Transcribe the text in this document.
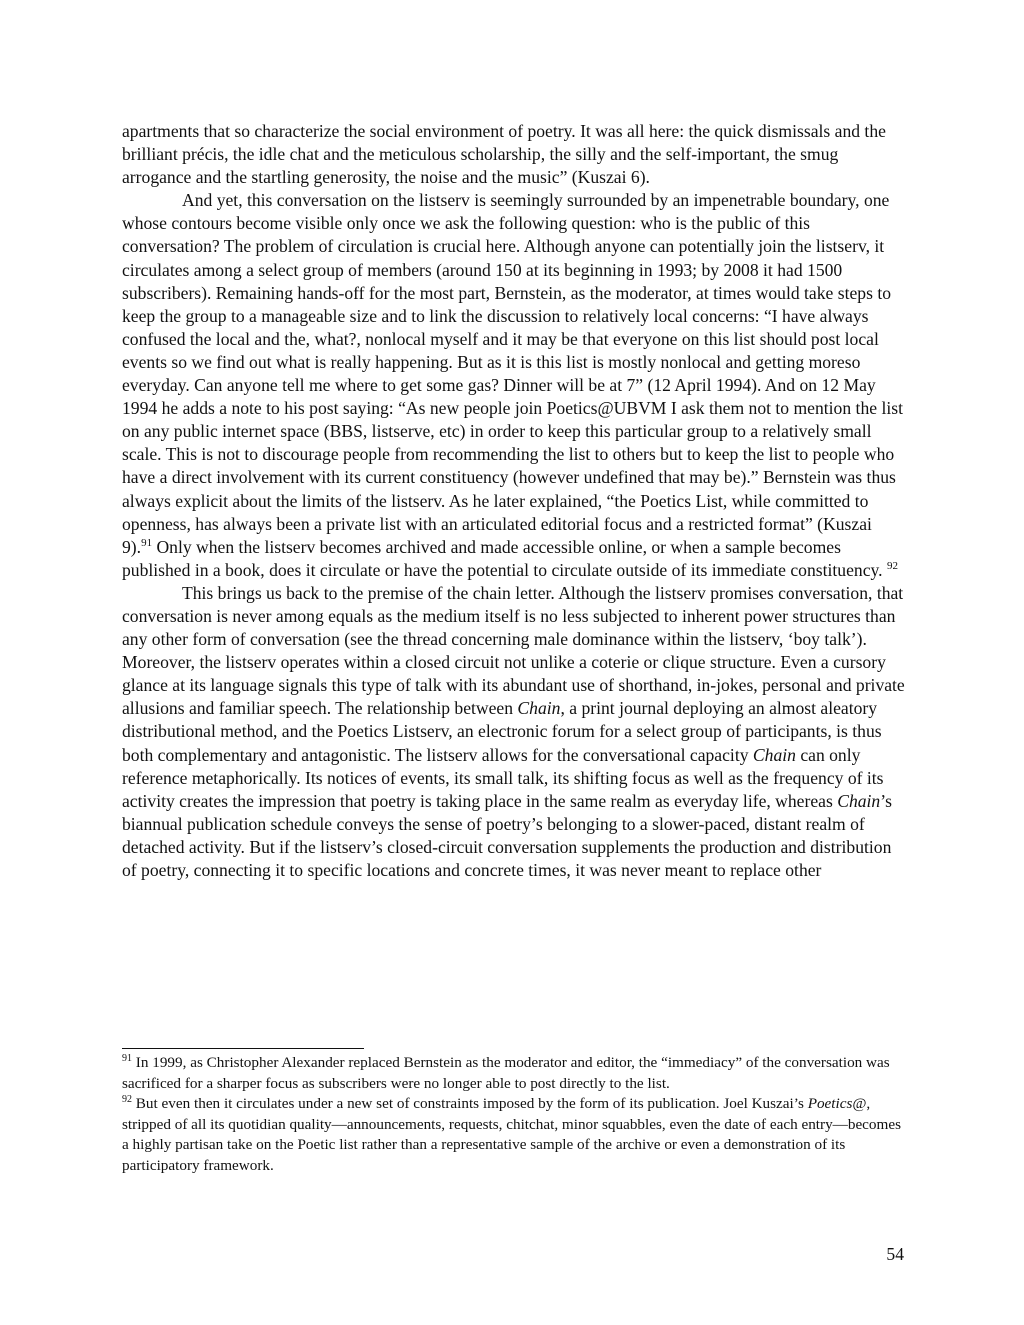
apartments that so characterize the social environment of poetry. It was all here: the quick dismissals and the brilliant précis, the idle chat and the meticulous scholarship, the silly and the self-important, the smug arrogance and the startling generosity, the noise and the music” (Kuszai 6).

And yet, this conversation on the listserv is seemingly surrounded by an impenetrable boundary, one whose contours become visible only once we ask the following question: who is the public of this conversation? The problem of circulation is crucial here. Although anyone can potentially join the listserv, it circulates among a select group of members (around 150 at its beginning in 1993; by 2008 it had 1500 subscribers). Remaining hands-off for the most part, Bernstein, as the moderator, at times would take steps to keep the group to a manageable size and to link the discussion to relatively local concerns: “I have always confused the local and the, what?, nonlocal myself and it may be that everyone on this list should post local events so we find out what is really happening. But as it is this list is mostly nonlocal and getting moreso everyday. Can anyone tell me where to get some gas? Dinner will be at 7” (12 April 1994). And on 12 May 1994 he adds a note to his post saying: “As new people join Poetics@UBVM I ask them not to mention the list on any public internet space (BBS, listserve, etc) in order to keep this particular group to a relatively small scale. This is not to discourage people from recommending the list to others but to keep the list to people who have a direct involvement with its current constituency (however undefined that may be).” Bernstein was thus always explicit about the limits of the listserv. As he later explained, “the Poetics List, while committed to openness, has always been a private list with an articulated editorial focus and a restricted format” (Kuszai 9).$^{91}$ Only when the listserv becomes archived and made accessible online, or when a sample becomes published in a book, does it circulate or have the potential to circulate outside of its immediate constituency. $^{92}$

This brings us back to the premise of the chain letter. Although the listserv promises conversation, that conversation is never among equals as the medium itself is no less subjected to inherent power structures than any other form of conversation (see the thread concerning male dominance within the listserv, ‘boy talk’). Moreover, the listserv operates within a closed circuit not unlike a coterie or clique structure. Even a cursory glance at its language signals this type of talk with its abundant use of shorthand, in-jokes, personal and private allusions and familiar speech. The relationship between Chain, a print journal deploying an almost aleatory distributional method, and the Poetics Listserv, an electronic forum for a select group of participants, is thus both complementary and antagonistic. The listserv allows for the conversational capacity Chain can only reference metaphorically. Its notices of events, its small talk, its shifting focus as well as the frequency of its activity creates the impression that poetry is taking place in the same realm as everyday life, whereas Chain’s biannual publication schedule conveys the sense of poetry’s belonging to a slower-paced, distant realm of detached activity. But if the listserv’s closed-circuit conversation supplements the production and distribution of poetry, connecting it to specific locations and concrete times, it was never meant to replace other

$^{91}$ In 1999, as Christopher Alexander replaced Bernstein as the moderator and editor, the “immediacy” of the conversation was sacrificed for a sharper focus as subscribers were no longer able to post directly to the list.

$^{92}$ But even then it circulates under a new set of constraints imposed by the form of its publication. Joel Kuszai’s Poetics@, stripped of all its quotidian quality—announcements, requests, chitchat, minor squabbles, even the date of each entry—becomes a highly partisan take on the Poetic list rather than a representative sample of the archive or even a demonstration of its participatory framework.

54
